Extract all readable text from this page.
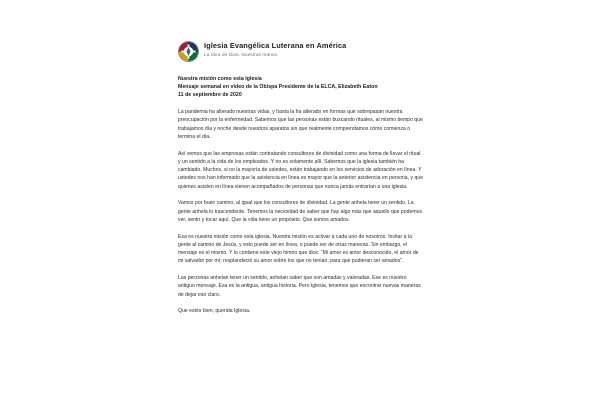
Iglesia Evangélica Luterana en América
La obra de Dios. Nuestras manos.
Nuestra misión como esta Iglesia
Mensaje semanal en video de la Obispa Presidente de la ELCA, Elizabeth Eaton
11 de septiembre de 2020

La pandemia ha alterado nuestras vidas, y hasta la ha alterado en formas que sobrepasan nuestra preocupación por la enfermedad. Sabemos que las personas están buscando rituales, al mismo tiempo que trabajamos día y noche desde nuestros aparatos sin que realmente comprendamos cómo comienza o termina el día.

Así vemos que las empresas están contratando consultores de divinidad como una forma de llevar el ritual y un sentido a la vida de los empleados. Y no es solamente allí. Sabemos que la iglesia también ha cambiado. Muchos, si no la mayoría de ustedes, están trabajando en los servicios de adoración en línea. Y ustedes nos han informado que la asistencia en línea es mayor que la anterior asistencia en persona, y que quienes asisten en línea vienen acompañados de personas que nunca jamás entrarían a una iglesia.

Vamos por buen camino, al igual que los consultores de divinidad. La gente anhela tener un sentido. La gente anhela lo trascendente. Tenemos la necesidad de saber que hay algo más que aquello que podemos ver, sentir y tocar aquí. Que la vida tiene un propósito. Que somos amados.

Esa es nuestra misión como esta iglesia. Nuestra misión es activar a cada uno de nosotros. Invitar a la gente al camino de Jesús, y esto puede ser en línea, o puede ser de otras maneras. Sin embargo, el mensaje es el mismo. Y lo contiene este viejo himno que dice: “Mi amor es amor desconocido, el amor de mi salvador por mí; resplandeció su amor sobre los que no tenían, para que pudieran ser amados”.

Las personas anhelan tener un sentido, anhelan saber que son amadas y valoradas. Ese es nuestro antiguo mensaje. Esa es la antigua, antigua historia. Pero Iglesia, tenemos que encontrar nuevas maneras de dejar eso claro.

Que estés bien, querida Iglesia.
